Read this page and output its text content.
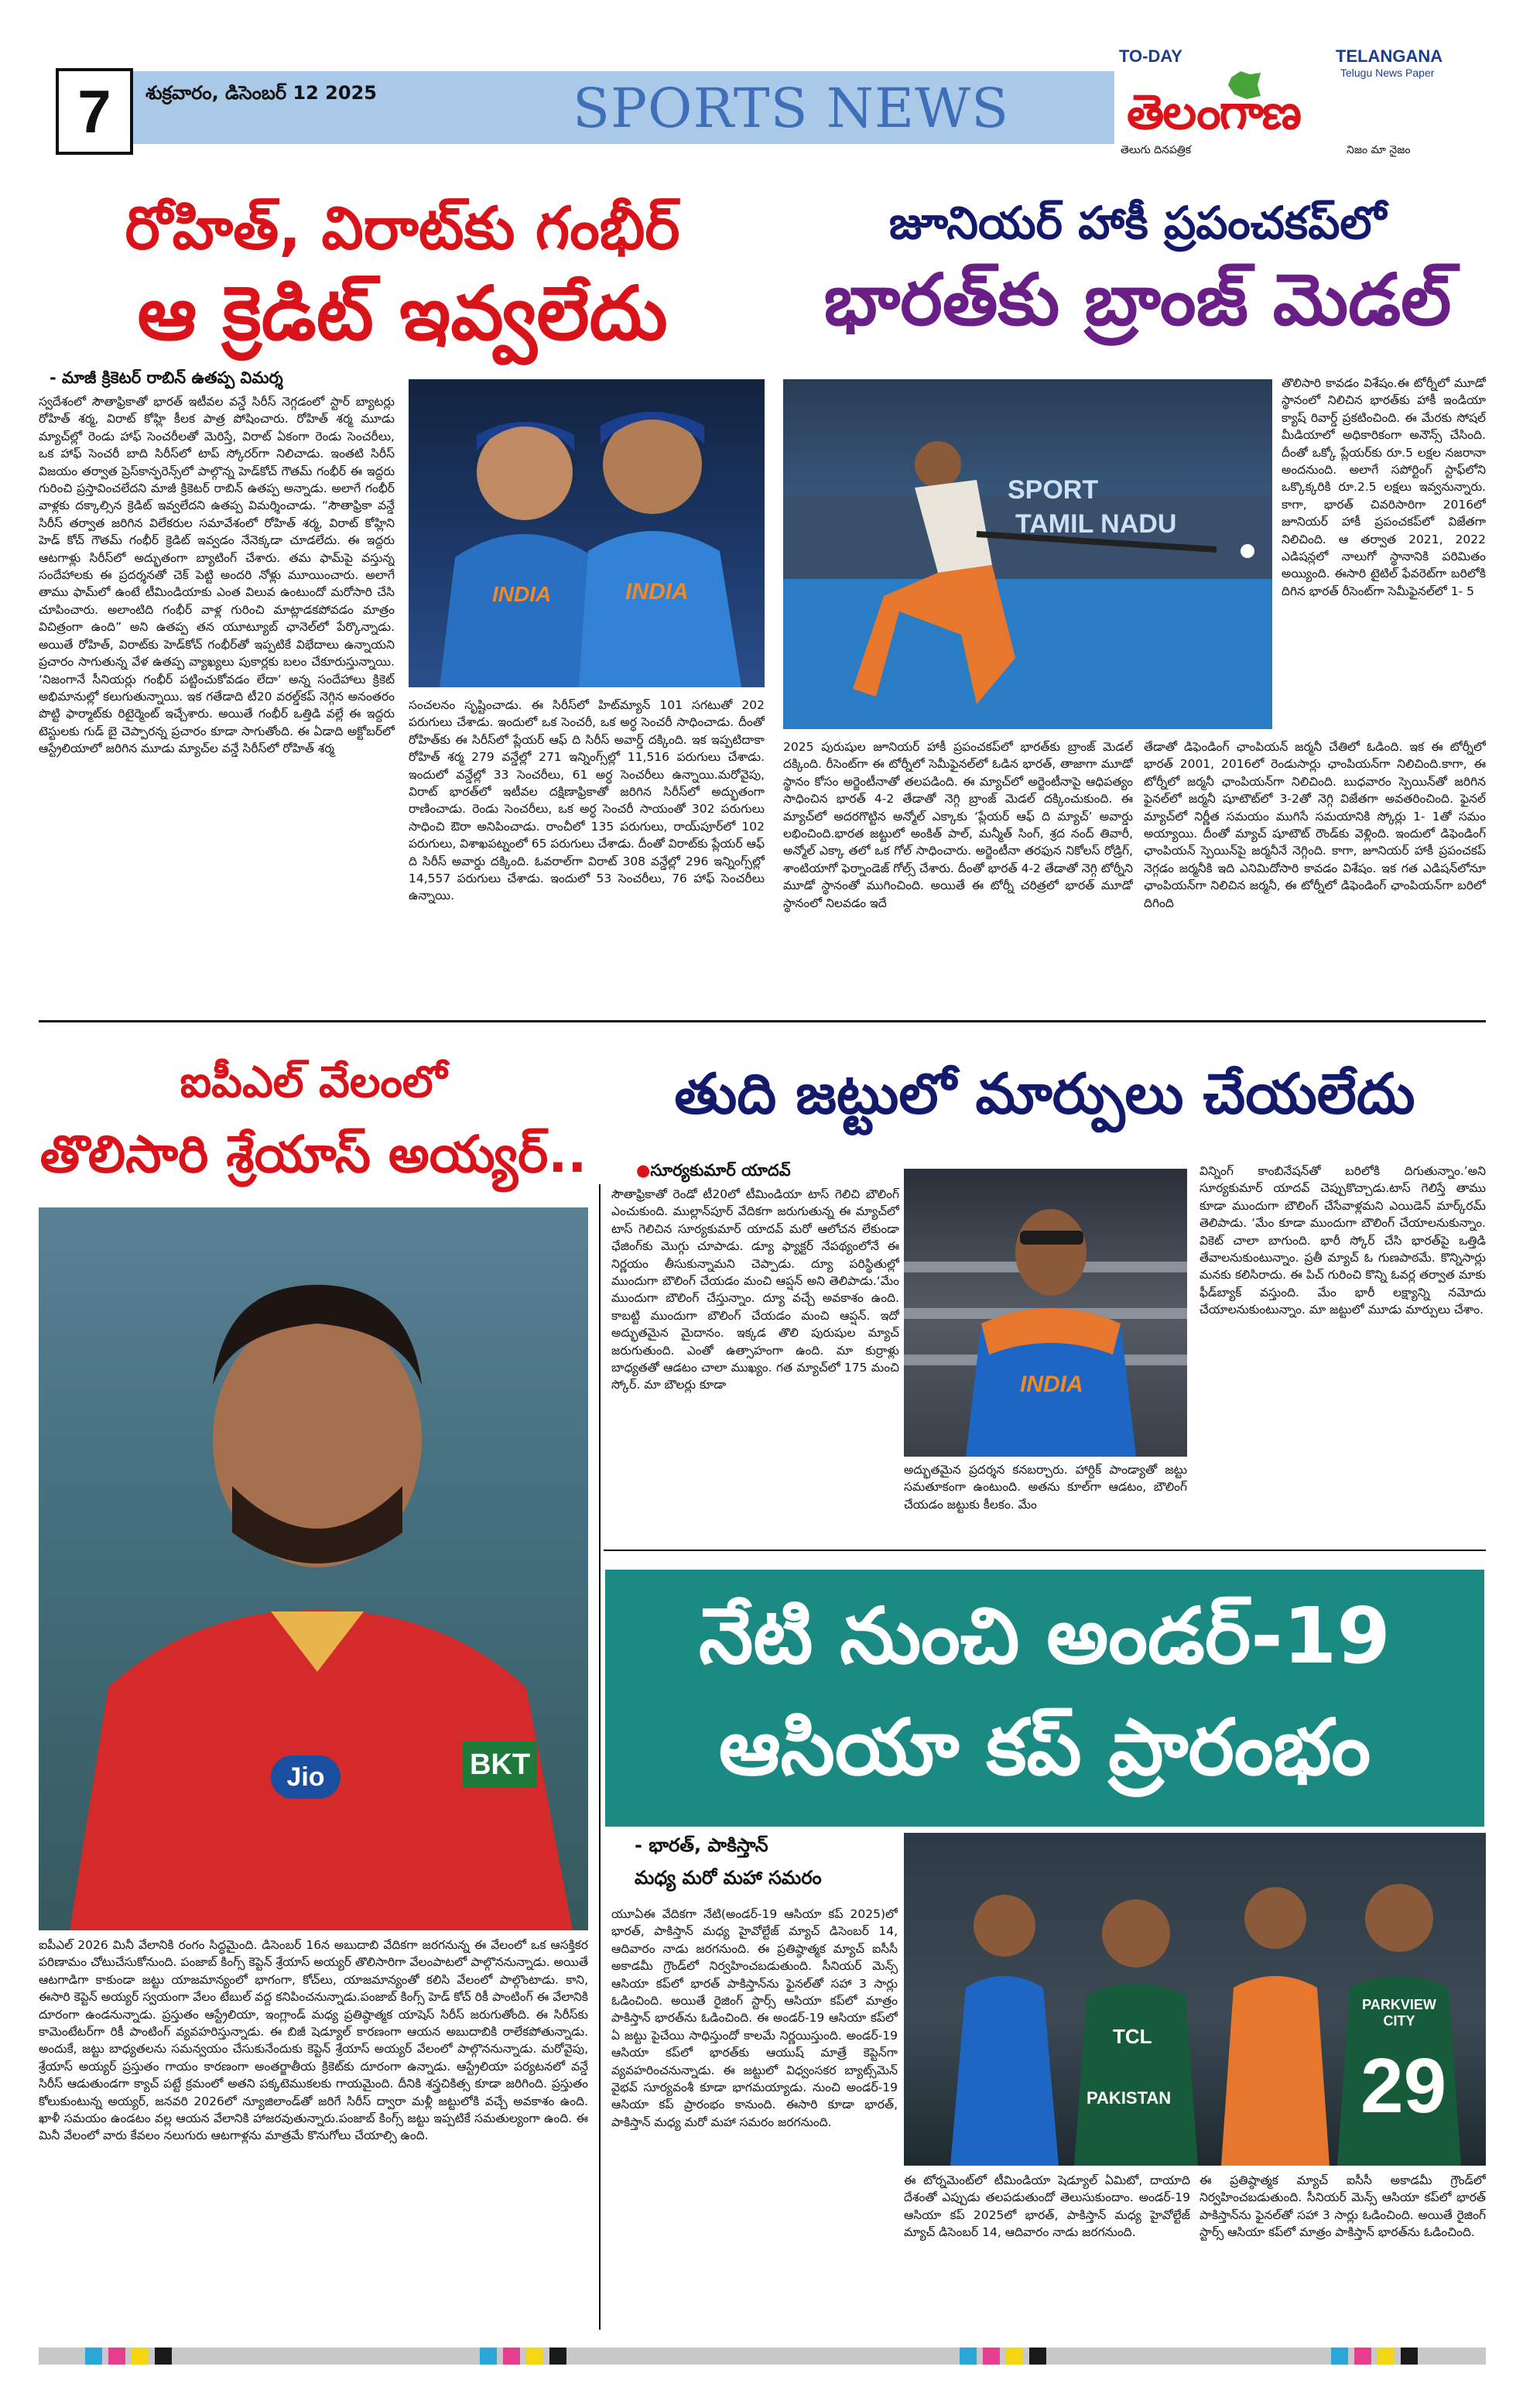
7	శుక్రవారం, డిసెంబర్ 12 2025	SPORTS NEWS
TO-DAY	TELANGANA
Telugu News Paper
తెలంగాణ
తెలుగు దినపత్రిక	నిజం మా నైజం
రోహిత్, విరాట్‌కు గంభీర్
ఆ క్రెడిట్ ఇవ్వలేదు
- మాజీ క్రికెటర్ రాబిన్ ఉతప్ప విమర్శ

స్వదేశంలో సౌతాఫ్రికాతో భారత్ ఇటీవల వన్డే సిరీస్ నెగ్గడంలో స్టార్ బ్యాటర్లు రోహిత్ శర్మ, విరాట్ కోహ్లి కీలక పాత్ర పోషించారు. రోహిత్ శర్మ మూడు మ్యాచ్‌ల్లో రెండు హాఫ్ సెంచరీలతో మెరిస్తే, విరాట్ ఏకంగా రెండు సెంచరీలు, ఒక హాఫ్ సెంచరీ బాది సిరీస్‌లో టాప్ స్కోరర్‌గా నిలిచాడు. ఇంతటి సిరీస్ విజయం తర్వాత ప్రెస్‌కాన్ఫరెన్స్‌లో పాల్గొన్న హెడ్‌కోచ్ గౌతమ్ గంభీర్ ఈ ఇద్దరు గురించి ప్రస్తావించలేదని మాజీ క్రికెటర్ రాబిన్ ఉతప్ప అన్నాడు. అలాగే గంభీర్ వాళ్లకు దక్కాల్సిన క్రెడిట్ ఇవ్వలేదని ఉతప్ప విమర్శించాడు. “సౌతాఫ్రికా వన్డే సిరీస్ తర్వాత జరిగిన విలేకరుల సమావేశంలో రోహిత్ శర్మ, విరాట్ కోహ్లిని హెడ్ కోచ్ గౌతమ్ గంభీర్ క్రెడిట్ ఇవ్వడం నేనెక్కడా చూడలేదు. ఈ ఇద్దరు ఆటగాళ్లు సిరీస్‌లో అద్భుతంగా బ్యాటింగ్ చేశారు. తమ ఫామ్‌పై వస్తున్న సందేహాలకు ఈ ప్రదర్శనతో చెక్ పెట్టి అందరి నోళ్లు మూయించారు. అలాగే తాము ఫామ్‌లో ఉంటే టీమిండియాకు ఎంత విలువ ఉంటుందో మరోసారి చేసి చూపించారు. అలాంటిది గంభీర్ వాళ్ల గురించి మాట్లాడకపోవడం మాత్రం విచిత్రంగా ఉంది” అని ఉతప్ప తన యూట్యూబ్ ఛానెల్‌లో పేర్కొన్నాడు. అయితే రోహిత్, విరాట్‌కు హెడ్‌కోచ్ గంభీర్‌తో ఇప్పటికే విభేదాలు ఉన్నాయని ప్రచారం సాగుతున్న వేళ ఉతప్ప వ్యాఖ్యలు పుకార్లకు బలం చేకూరుస్తున్నాయి. ‘నిజంగానే సీనియర్లు గంభీర్ పట్టించుకోవడం లేదా’ అన్న సందేహాలు క్రికెట్ అభిమానుల్లో కలుగుతున్నాయి. ఇక గతేడాది టీ20 వరల్డ్‌కప్ నెగ్గిన అనంతరం పొట్టి ఫార్మాట్‌కు రిటైర్మెంట్ ఇచ్చేశారు. అయితే గంభీర్ ఒత్తిడి వల్లే ఈ ఇద్దరు టెస్టులకు గుడ్ బై చెప్పారన్న ప్రచారం కూడా సాగుతోంది. ఈ ఏడాది అక్టోబర్‌లో ఆస్ట్రేలియాలో జరిగిన మూడు మ్యాచ్‌ల వన్డే సిరీస్‌లో రోహిత్ శర్మ

INDIA	INDIA

సంచలనం సృష్టించాడు. ఈ సిరీస్‌లో హిట్‌మ్యాన్ 101 సగటుతో 202 పరుగులు చేశాడు. ఇందులో ఒక సెంచరీ, ఒక అర్ధ సెంచరీ సాధించాడు. దీంతో రోహిత్‌కు ఈ సిరీస్‌లో ప్లేయర్ ఆఫ్ ది సిరీస్ అవార్డ్ దక్కింది. ఇక ఇప్పటిదాకా రోహిత్ శర్మ 279 వన్డేల్లో 271 ఇన్నింగ్స్‌ల్లో 11,516 పరుగులు చేశాడు. ఇందులో వన్డేల్లో 33 సెంచరీలు, 61 అర్ధ సెంచరీలు ఉన్నాయి.మరోవైపు, విరాట్ భారత్‌లో ఇటీవల దక్షిణాఫ్రికాతో జరిగిన సిరీస్‌లో అద్భుతంగా రాణించాడు. రెండు సెంచరీలు, ఒక అర్ధ సెంచరీ సాయంతో 302 పరుగులు సాధించి ఔరా అనిపించాడు. రాంచీలో 135 పరుగులు, రాయ్‌పూర్‌లో 102 పరుగులు, విశాఖపట్నంలో 65 పరుగులు చేశాడు. దీంతో విరాట్‌కు ప్లేయర్ ఆఫ్ ది సిరీస్ అవార్డు దక్కింది. ఓవరాల్‌గా విరాట్ 308 వన్డేల్లో 296 ఇన్నింగ్స్‌ల్లో 14,557 పరుగులు చేశాడు. ఇందులో 53 సెంచరీలు, 76 హాఫ్ సెంచరీలు ఉన్నాయి.

జూనియర్ హాకీ ప్రపంచకప్‌లో
భారత్‌కు బ్రాంజ్ మెడల్
SPORT
TAMIL NADU

తొలిసారి కావడం విశేషం.ఈ టోర్నీలో మూడో స్థానంలో నిలిచిన భారత్‌కు హాకీ ఇండియా క్యాష్ రివార్డ్ ప్రకటించింది. ఈ మేరకు సోషల్ మీడియాలో అధికారికంగా అనౌన్స్ చేసింది. దీంతో ఒక్కో ప్లేయర్‌కు రూ.5 లక్షల నజరానా అందనుంది. అలాగే సపోర్టింగ్ స్టాఫ్‌లోని ఒక్కొక్కరికి రూ.2.5 లక్షలు ఇవ్వనున్నారు. కాగా, భారత్ చివరిసారిగా 2016లో జూనియర్ హాకీ ప్రపంచకప్‌లో విజేతగా నిలిచింది. ఆ తర్వాత 2021, 2022 ఎడిషన్లలో నాలుగో స్థానానికి పరిమితం అయ్యింది. ఈసారి టైటిల్ ఫేవరెట్‌గా బరిలోకి దిగిన భారత్ రీసెంట్‌గా సెమీఫైనల్‌లో 1- 5

2025 పురుషుల జూనియర్ హాకీ ప్రపంచకప్‌లో భారత్‌కు బ్రాంజ్ మెడల్ దక్కింది. రీసెంట్‌గా ఈ టోర్నీలో సెమీఫైనల్‌లో ఓడిన భారత్, తాజాగా మూడో స్థానం కోసం అర్జెంటీనాతో తలపడింది. ఈ మ్యాచ్‌లో అర్జెంటీనాపై ఆధిపత్యం సాధించిన భారత్ 4-2 తేడాతో నెగ్గి బ్రాంజ్ మెడల్ దక్కించుకుంది. ఈ మ్యాచ్‌లో అదరగొట్టిన అన్మోల్ ఎక్కాకు ‘ప్లేయర్ ఆఫ్ ది మ్యాచ్’ అవార్డు లభించింది.భారత జట్టులో అంకిత్ పాల్, మన్మీత్ సింగ్, శ్రద నంద్ తివారీ, అన్మోల్ ఎక్కా తలో ఒక గోల్ సాధించారు. అర్జెంటీనా తరఫున నికోలస్ రోడ్రిగ్, శాంటియాగో ఫెర్నాండెజ్ గోల్స్ చేశారు. దీంతో భారత్ 4-2 తేడాతో నెగ్గి టోర్నీని మూడో స్థానంతో ముగించింది. అయితే ఈ టోర్నీ చరిత్రలో భారత్ మూడో స్థానంలో నిలవడం ఇదే

తేడాతో డిఫెండింగ్ ఛాంపియన్ జర్మనీ చేతిలో ఓడింది. ఇక ఈ టోర్నీలో భారత్ 2001, 2016లో రెండుసార్లు ఛాంపియన్‌గా నిలిచింది.కాగా, ఈ టోర్నీలో జర్మనీ ఛాంపియన్‌గా నిలిచింది. బుధవారం స్పెయిన్‌తో జరిగిన ఫైనల్‌లో జర్మనీ షూటౌట్‌లో 3-2తో నెగ్గి విజేతగా అవతరించింది. ఫైనల్ మ్యాచ్‌లో నిర్ణీత సమయం ముగిసే సమయానికి స్కోర్లు 1- 1తో సమం అయ్యాయి. దీంతో మ్యాచ్ షూటౌట్ రౌండ్‌కు వెళ్లింది. ఇందులో డిఫెండింగ్ ఛాంపియన్ స్పెయిన్‌పై జర్మనీనే నెగ్గింది. కాగా, జూనియర్ హాకీ ప్రపంచకప్ నెగ్గడం జర్మనీకి ఇది ఎనిమిదోసారి కావడం విశేషం. ఇక గత ఎడిషన్‌లోనూ ఛాంపియన్‌గా నిలిచిన జర్మనీ, ఈ టోర్నీలో డిఫెండింగ్ ఛాంపియన్‌గా బరిలో దిగింది

ఐపీఎల్ వేలంలో
తొలిసారి శ్రేయాస్ అయ్యర్..
Jio	BKT

ఐపీఎల్ 2026 మినీ వేలానికి రంగం సిద్ధమైంది. డిసెంబర్ 16న అబుదాబి వేదికగా జరగనున్న ఈ వేలంలో ఒక ఆసక్తికర పరిణామం చోటుచేసుకోనుంది. పంజాబ్ కింగ్స్ కెప్టెన్ శ్రేయాస్ అయ్యర్ తొలిసారిగా వేలంపాటలో పాల్గొననున్నాడు. అయితే ఆటగాడిగా కాకుండా జట్టు యాజమాన్యంలో భాగంగా, కోచ్‌లు, యాజమాన్యంతో కలిసి వేలంలో పాల్గొంటాడు. కాని, ఈసారి కెప్టెన్ అయ్యర్ స్వయంగా వేలం టేబుల్ వద్ద కనిపించనున్నాడు.పంజాబ్ కింగ్స్ హెడ్ కోచ్ రికీ పాంటింగ్ ఈ వేలానికి దూరంగా ఉండనున్నాడు. ప్రస్తుతం ఆస్ట్రేలియా, ఇంగ్లాండ్ మధ్య ప్రతిష్ఠాత్మక యాషెస్ సిరీస్ జరుగుతోంది. ఈ సిరీస్‌కు కామెంటేటర్‌గా రికీ పాంటింగ్ వ్యవహరిస్తున్నాడు. ఈ బిజీ షెడ్యూల్ కారణంగా ఆయన అబుదాబికి రాలేకపోతున్నాడు. అందుకే, జట్టు బాధ్యతలను సమన్వయం చేసుకునేందుకు కెప్టెన్ శ్రేయాస్ అయ్యర్ వేలంలో పాల్గొననున్నాడు. మరోవైపు, శ్రేయాస్ అయ్యర్ ప్రస్తుతం గాయం కారణంగా అంతర్జాతీయ క్రికెట్‌కు దూరంగా ఉన్నాడు. ఆస్ట్రేలియా పర్యటనలో వన్డే సిరీస్ ఆడుతుండగా క్యాచ్ పట్టే క్రమంలో అతని పక్కటెముకలకు గాయమైంది. దీనికి శస్త్రచికిత్స కూడా జరిగింది. ప్రస్తుతం కోలుకుంటున్న అయ్యర్, జనవరి 2026లో న్యూజిలాండ్‌తో జరిగే సిరీస్ ద్వారా మళ్లీ జట్టులోకి వచ్చే అవకాశం ఉంది. ఖాళీ సమయం ఉండటం వల్ల ఆయన వేలానికి హాజరవుతున్నారు.పంజాబ్ కింగ్స్ జట్టు ఇప్పటికే సమతుల్యంగా ఉంది. ఈ మినీ వేలంలో వారు కేవలం నలుగురు ఆటగాళ్లను మాత్రమే కొనుగోలు చేయాల్సి ఉంది.

తుది జట్టులో మార్పులు చేయలేదు
●సూర్యకుమార్ యాదవ్

సౌతాఫ్రికాతో రెండో టీ20లో టీమిండియా టాస్ గెలిచి బౌలింగ్ ఎంచుకుంది. ముల్లాన్‌పూర్ వేదికగా జరుగుతున్న ఈ మ్యాచ్‌లో టాస్ గెలిచిన సూర్యకుమార్ యాదవ్ మరో ఆలోచన లేకుండా ఛేజింగ్‌కు మొగ్గు చూపాడు. డ్యూ ఫ్యాక్టర్ నేపథ్యంలోనే ఈ నిర్ణయం తీసుకున్నామని చెప్పాడు. ద్యూ పరిస్థితుల్లో ముందుగా బౌలింగ్ చేయడం మంచి ఆప్షన్ అని తెలిపాడు.‘మేం ముందుగా బౌలింగ్ చేస్తున్నాం. ద్యూ వచ్చే అవకాశం ఉంది. కాబట్టి ముందుగా బౌలింగ్ చేయడం మంచి ఆప్షన్. ఇదో అద్భుతమైన మైదానం. ఇక్కడ తొలి పురుషుల మ్యాచ్ జరుగుతుంది. ఎంతో ఉత్సాహంగా ఉంది. మా కుర్రాళ్లు బాధ్యతతో ఆడటం చాలా ముఖ్యం. గత మ్యాచ్‌లో 175 మంచి స్కోర్. మా బౌలర్లు కూడా	INDIA

అద్భుతమైన ప్రదర్శన కనబర్చారు. హార్దిక్ పాండ్యాతో జట్టు సమతూకంగా ఉంటుంది. అతను కూల్‌గా ఆడటం, బౌలింగ్ చేయడం జట్టుకు కీలకం. మేం

విన్నింగ్ కాంబినేషన్‌తో బరిలోకి దిగుతున్నాం.’అని సూర్యకుమార్ యాదవ్ చెప్పుకొచ్చాడు.టాస్ గెలిస్తే తాము కూడా ముందుగా బౌలింగ్ చేసేవాళ్లమని ఎయిడెన్ మార్క్‌రమ్ తెలిపాడు. ‘మేం కూడా ముందుగా బౌలింగ్ చేయాలనుకున్నాం. వికెట్ చాలా బాగుంది. భారీ స్కోర్ చేసి భారత్‌పై ఒత్తిడి తేవాలనుకుంటున్నాం. ప్రతీ మ్యాచ్ ఓ గుణపాఠమే. కొన్నిసార్లు మనకు కలిసిరాదు. ఈ పిచ్ గురించి కొన్ని ఓవర్ల తర్వాత మాకు ఫీడ్‌బ్యాక్ వస్తుంది. మేం భారీ లక్ష్యాన్ని నమోదు చేయాలనుకుంటున్నాం. మా జట్టులో మూడు మార్పులు చేశాం.

నేటి నుంచి అండర్-19
ఆసియా కప్ ప్రారంభం
- భారత్, పాకిస్తాన్
మధ్య మరో మహా సమరం

యూఏఈ వేదికగా నేటి(అండర్-19 ఆసియా కప్ 2025)లో భారత్, పాకిస్తాన్ మధ్య హైవోల్టేజ్ మ్యాచ్ డిసెంబర్ 14, ఆదివారం నాడు జరగనుంది. ఈ ప్రతిష్ఠాత్మక మ్యాచ్ ఐసీసీ అకాడమీ గ్రౌండ్‌లో నిర్వహించబడుతుంది. సీనియర్ మెన్స్ ఆసియా కప్‌లో భారత్ పాకిస్తాన్‌ను ఫైనల్‌తో సహా 3 సార్లు ఓడించింది. అయితే రైజింగ్ స్టార్స్ ఆసియా కప్‌లో మాత్రం పాకిస్తాన్ భారత్‌ను ఓడించింది. ఈ అండర్-19 ఆసియా కప్‌లో ఏ జట్టు పైచేయి సాధిస్తుందో కాలమే నిర్ణయిస్తుంది. అండర్-19 ఆసియా కప్‌లో భారత్‌కు ఆయుష్ మాత్రే కెప్టెన్‌గా వ్యవహరించనున్నాడు. ఈ జట్టులో విధ్వంసకర బ్యాట్స్‌మెన్ వైభవ్ సూర్యవంశీ కూడా భాగమయ్యాడు. నుంచి అండర్-19 ఆసియా కప్ ప్రారంభం కానుంది. ఈసారి కూడా భారత్, పాకిస్తాన్ మధ్య మరో మహా సమరం జరగనుంది.

TCL
PAKISTAN
PARKVIEW CITY
29

ఈ టోర్నమెంట్‌లో టీమిండియా షెడ్యూల్ ఏమిటో, దాయాది దేశంతో ఎప్పుడు తలపడుతుందో తెలుసుకుందాం. అండర్-19 ఆసియా కప్ 2025లో భారత్, పాకిస్తాన్ మధ్య హైవోల్టేజ్ మ్యాచ్ డిసెంబర్ 14, ఆదివారం నాడు జరగనుంది.

ఈ ప్రతిష్ఠాత్మక మ్యాచ్ ఐసీసీ అకాడమీ గ్రౌండ్‌లో నిర్వహించబడుతుంది. సీనియర్ మెన్స్ ఆసియా కప్‌లో భారత్ పాకిస్తాన్‌ను ఫైనల్‌తో సహా 3 సార్లు ఓడించింది. అయితే రైజింగ్ స్టార్స్ ఆసియా కప్‌లో మాత్రం పాకిస్తాన్ భారత్‌ను ఓడించింది.
